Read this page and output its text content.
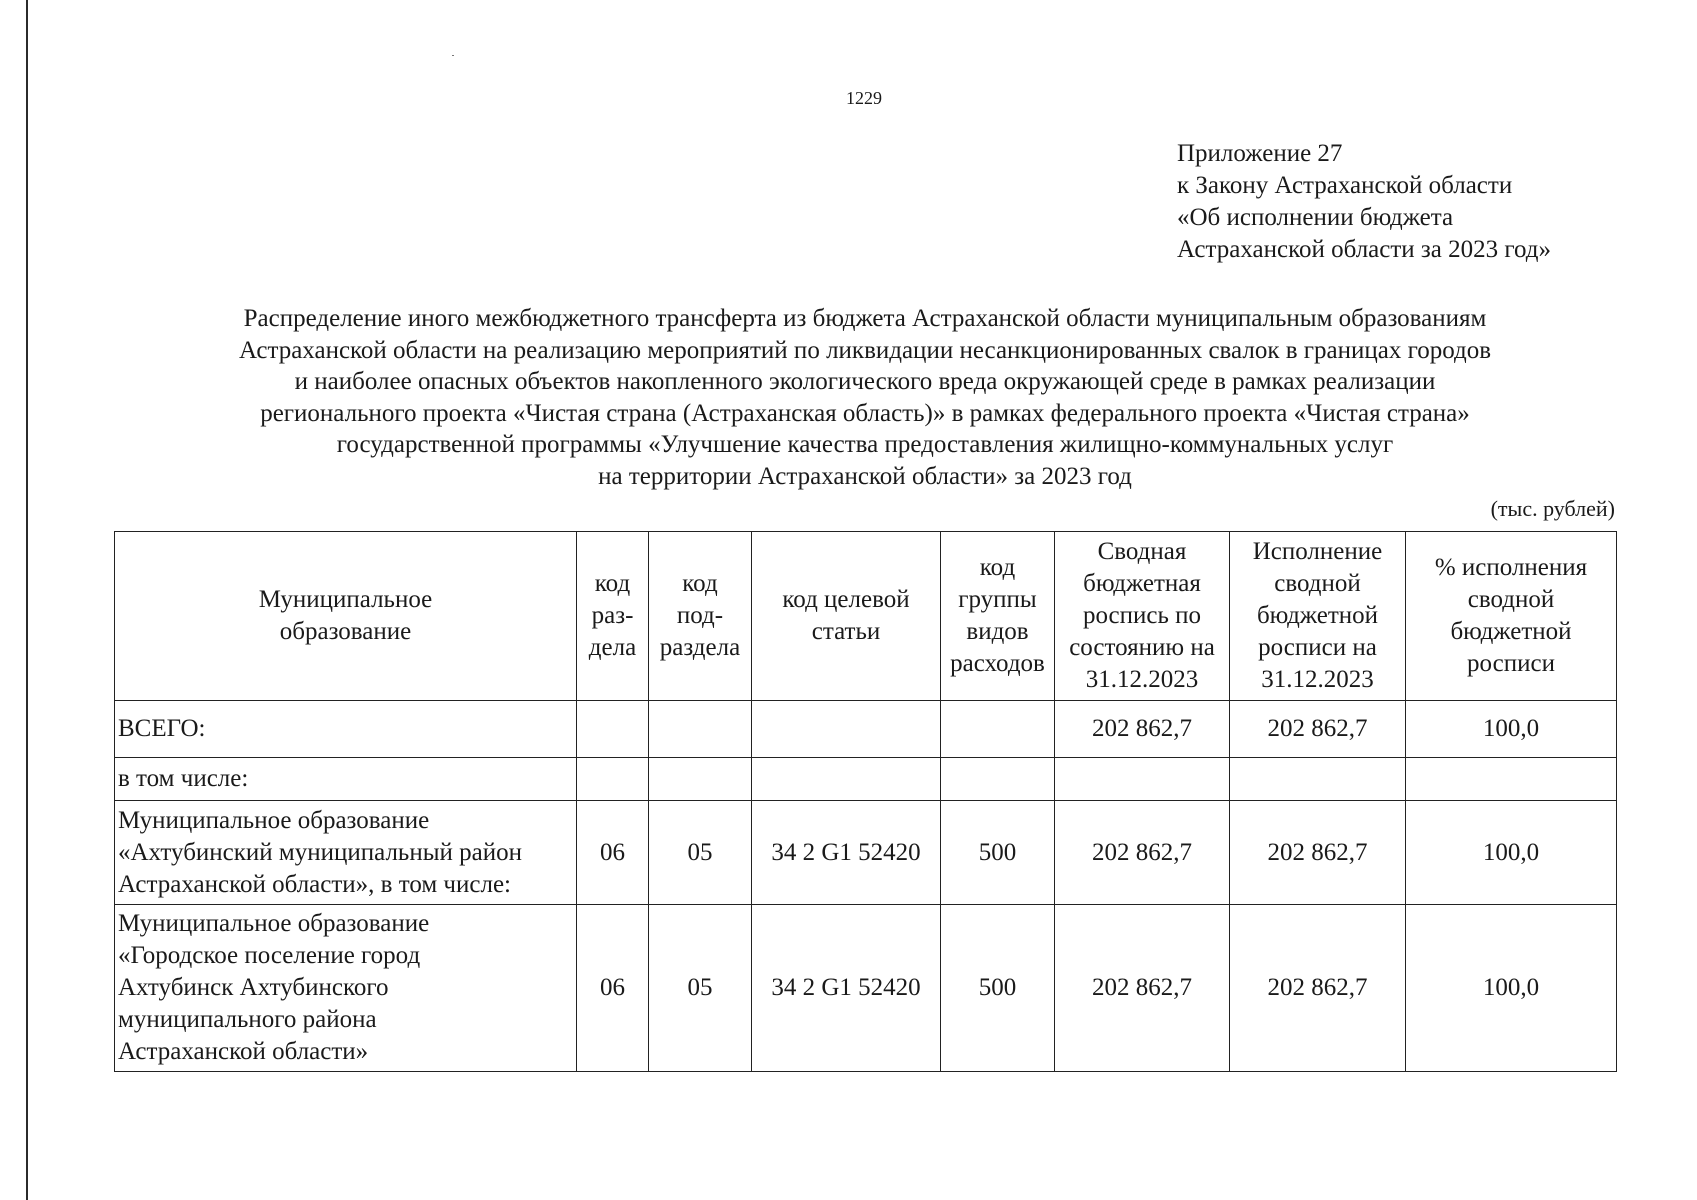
1229
Приложение 27
к Закону Астраханской области
«Об исполнении бюджета
Астраханской области за 2023 год»
Распределение иного межбюджетного трансферта из бюджета Астраханской области муниципальным образованиям
Астраханской области на реализацию мероприятий по ликвидации несанкционированных свалок в границах городов
и наиболее опасных объектов накопленного экологического вреда окружающей среде в рамках реализации
регионального проекта «Чистая страна (Астраханская область)» в рамках федерального проекта «Чистая страна»
государственной программы «Улучшение качества предоставления жилищно-коммунальных услуг
на территории Астраханской области» за 2023 год
(тыс. рублей)
Муниципальное
образование	код
раз-
дела	код
под-
раздела	код целевой
статьи	код
группы
видов
расходов	Сводная
бюджетная
роспись по
состоянию на
31.12.2023	Исполнение
сводной
бюджетной
росписи на
31.12.2023	% исполнения
сводной
бюджетной
росписи
ВСЕГО:					202 862,7	202 862,7	100,0
в том числе:							
Муниципальное образование
«Ахтубинский муниципальный район
Астраханской области», в том числе:	06	05	34 2 G1 52420	500	202 862,7	202 862,7	100,0
Муниципальное образование
«Городское поселение город
Ахтубинск Ахтубинского
муниципального района
Астраханской области»	06	05	34 2 G1 52420	500	202 862,7	202 862,7	100,0
